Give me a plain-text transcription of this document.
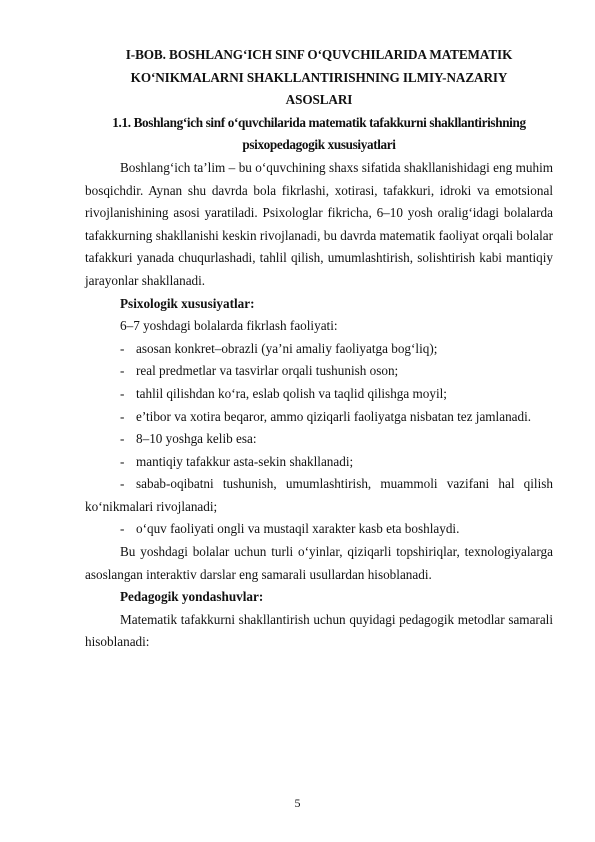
I-BOB. BOSHLANG‘ICH SINF O‘QUVCHILARIDA MATEMATIK KO‘NIKMALARNI SHAKLLANTIRISHNING ILMIY-NAZARIY ASOSLARI

1.1. Boshlang‘ich sinf o‘quvchilarida matematik tafakkurni shakllantirishning psixopedagogik xususiyatlari

Boshlang‘ich ta’lim – bu o‘quvchining shaxs sifatida shakllanishidagi eng muhim bosqichdir. Aynan shu davrda bola fikrlashi, xotirasi, tafakkuri, idroki va emotsional rivojlanishining asosi yaratiladi. Psixologlar fikricha, 6–10 yosh oralig‘idagi bolalarda tafakkurning shakllanishi keskin rivojlanadi, bu davrda matematik faoliyat orqali bolalar tafakkuri yanada chuqurlashadi, tahlil qilish, umumlashtirish, solishtirish kabi mantiqiy jarayonlar shakllanadi.

Psixologik xususiyatlar:

6–7 yoshdagi bolalarda fikrlash faoliyati:

- asosan konkret–obrazli (ya’ni amaliy faoliyatga bog‘liq);

- real predmetlar va tasvirlar orqali tushunish oson;

- tahlil qilishdan ko‘ra, eslab qolish va taqlid qilishga moyil;

- e’tibor va xotira beqaror, ammo qiziqarli faoliyatga nisbatan tez jamlanadi.

- 8–10 yoshga kelib esa:

- mantiqiy tafakkur asta-sekin shakllanadi;

- sabab-oqibatni tushunish, umumlashtirish, muammoli vazifani hal qilish ko‘nikmalari rivojlanadi;

- o‘quv faoliyati ongli va mustaqil xarakter kasb eta boshlaydi.

Bu yoshdagi bolalar uchun turli o‘yinlar, qiziqarli topshiriqlar, texnologiyalarga asoslangan interaktiv darslar eng samarali usullardan hisoblanadi.

Pedagogik yondashuvlar:

Matematik tafakkurni shakllantirish uchun quyidagi pedagogik metodlar samarali hisoblanadi:

5
